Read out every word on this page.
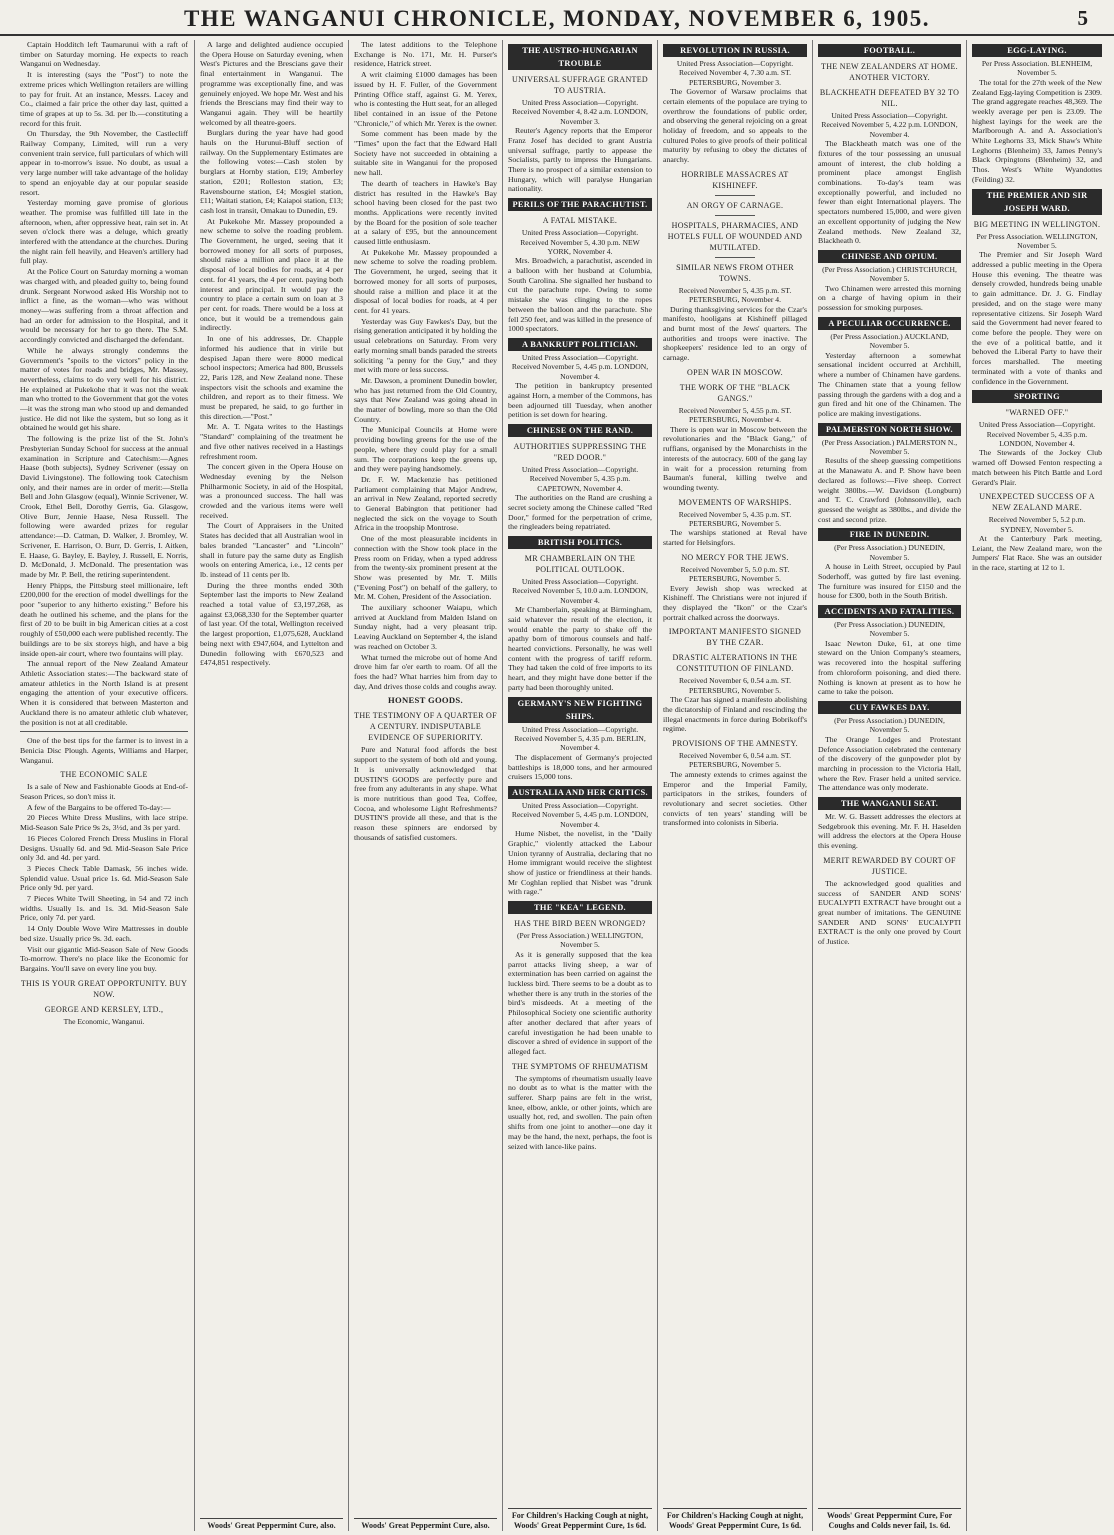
THE WANGANUI CHRONICLE, MONDAY, NOVEMBER 6, 1905.	5

Captain Hodditch left Taumarunui with a raft of timber on Saturday morning. He expects to reach Wanganui on Wednesday.

It is interesting (says the "Post") to note the extreme prices which Wellington retailers are willing to pay for fruit. At an instance, Messrs. Lacey and Co., claimed a fair price the other day last, quitted a time of grapes at up to 5s. 3d. per lb.—constituting a record for this fruit.

On Thursday, the 9th November, the Castlecliff Railway Company, Limited, will run a very convenient train service, full particulars of which will appear in to-morrow's issue. No doubt, as usual a very large number will take advantage of the holiday to spend an enjoyable day at our popular seaside resort.

Yesterday morning gave promise of glorious weather. The promise was fulfilled till late in the afternoon, when, after oppressive heat, rain set in. At seven o'clock there was a deluge, which greatly interfered with the attendance at the churches. During the night rain fell heavily, and Heaven's artillery had full play.

At the Police Court on Saturday morning a woman was charged with, and pleaded guilty to, being found drunk. Sergeant Norwood asked His Worship not to inflict a fine, as the woman—who was without money—was suffering from a throat affection and had an order for admission to the Hospital, and it would be necessary for her to go there. The S.M. accordingly convicted and discharged the defendant.

While he always strongly condemns the Government's "spoils to the victors" policy in the matter of votes for roads and bridges, Mr. Massey, nevertheless, claims to do very well for his district. He explained at Pukekohe that it was not the weak man who trotted to the Government that got the votes—it was the strong man who stood up and demanded justice. He did not like the system, but so long as it obtained he would get his share.

The following is the prize list of the St. John's Presbyterian Sunday School for success at the annual examination in Scripture and Catechism:—Agnes Haase (both subjects), Sydney Scrivener (essay on David Livingstone). The following took Catechism only, and their names are in order of merit:—Stella Bell and John Glasgow (equal), Winnie Scrivener, W. Crook, Ethel Bell, Dorothy Gerris, Ga. Glasgow, Olive Burr, Jennie Haase, Nesa Russell. The following were awarded prizes for regular attendance:—D. Catman, D. Walker, J. Bromley, W. Scrivener, E. Harrison, O. Burr, D. Gerris, I. Aitken, E. Haase, G. Bayley, E. Bayley, J. Russell, E. Norris, D. McDonald, J. McDonald. The presentation was made by Mr. P. Bell, the retiring superintendent.

Henry Phipps, the Pittsburg steel millionaire, left £200,000 for the erection of model dwellings for the poor "superior to any hitherto existing." Before his death he outlined his scheme, and the plans for the first of 20 to be built in big American cities at a cost roughly of £50,000 each were published recently. The buildings are to be six storeys high, and have a big inside open-air court, where two fountains will play.

The annual report of the New Zealand Amateur Athletic Association states:—The backward state of amateur athletics in the North Island is at present engaging the attention of your executive officers. When it is considered that between Masterton and Auckland there is no amateur athletic club whatever, the position is not at all creditable.

One of the best tips for the farmer is to invest in a Benicia Disc Plough. Agents, Williams and Harper, Wanganui.

THE ECONOMIC SALE

Is a sale of New and Fashionable Goods at End-of-Season Prices, so don't miss it.

A few of the Bargains to be offered To-day:—

20 Pieces White Dress Muslins, with lace stripe. Mid-Season Sale Price 9s 2s, 3½d, and 3s per yard.

16 Pieces Colored French Dress Muslins in Floral Designs. Usually 6d. and 9d. Mid-Season Sale Price only 3d. and 4d. per yard.

3 Pieces Check Table Damask, 56 inches wide. Splendid value. Usual price 1s. 6d. Mid-Season Sale Price only 9d. per yard.

7 Pieces White Twill Sheeting, in 54 and 72 inch widths. Usually 1s. and 1s. 3d. Mid-Season Sale Price, only 7d. per yard.

14 Only Double Wove Wire Mattresses in double bed size. Usually price 9s. 3d. each.

Visit our gigantic Mid-Season Sale of New Goods To-morrow. There's no place like the Economic for Bargains. You'll save on every line you buy.

THIS IS YOUR GREAT OPPORTUNITY. BUY NOW.
GEORGE AND KERSLEY, LTD.,
The Economic, Wanganui.

A large and delighted audience occupied the Opera House on Saturday evening, when West's Pictures and the Brescians gave their final entertainment in Wanganui. The programme was exceptionally fine, and was genuinely enjoyed. We hope Mr. West and his friends the Brescians may find their way to Wanganui again. They will be heartily welcomed by all theatre-goers.

Burglars during the year have had good hauls on the Hurunui-Bluff section of railway. On the Supplementary Estimates are the following votes:—Cash stolen by burglars at Hornby station, £19; Amberley station, £201; Rolleston station, £3; Ravensbourne station, £4; Mosgiel station, £11; Waitati station, £4; Kaiapoi station, £13; cash lost in transit, Omakau to Dunedin, £9.

At Pukekohe Mr. Massey propounded a new scheme to solve the roading problem. The Government, he urged, seeing that it borrowed money for all sorts of purposes, should raise a million and place it at the disposal of local bodies for roads, at 4 per cent. for 41 years, the 4 per cent. paying both interest and principal. It would pay the country to place a certain sum on loan at 3 per cent. for roads. There would be a loss at once, but it would be a tremendous gain indirectly.

In one of his addresses, Dr. Chapple informed his audience that in virile but despised Japan there were 8000 medical school inspectors; America had 800, Brussels 22, Paris 128, and New Zealand none. These inspectors visit the schools and examine the children, and report as to their fitness. We must be prepared, he said, to go further in this direction.—"Post."

Mr. A. T. Ngata writes to the Hastings "Standard" complaining of the treatment he and five other natives received in a Hastings refreshment room.

The concert given in the Opera House on Wednesday evening by the Nelson Philharmonic Society, in aid of the Hospital, was a pronounced success. The hall was crowded and the various items were well received.

The Court of Appraisers in the United States has decided that all Australian wool in bales branded "Lancaster" and "Lincoln" shall in future pay the same duty as English wools on entering America, i.e., 12 cents per lb. instead of 11 cents per lb.

During the three months ended 30th September last the imports to New Zealand reached a total value of £3,197,268, as against £3,068,330 for the September quarter of last year. Of the total, Wellington received the largest proportion, £1,075,628, Auckland being next with £947,604, and Lyttelton and Dunedin following with £670,523 and £474,851 respectively.

Woods' Great Peppermint Cure, also.

The latest additions to the Telephone Exchange is No. 171, Mr. H. Purser's residence, Hatrick street.

A writ claiming £1000 damages has been issued by H. F. Fuller, of the Government Printing Office staff, against G. M. Yerex, who is contesting the Hutt seat, for an alleged libel contained in an issue of the Petone "Chronicle," of which Mr. Yerex is the owner.

Some comment has been made by the "Times" upon the fact that the Edward Hall Society have not succeeded in obtaining a suitable site in Wanganui for the proposed new hall.

The dearth of teachers in Hawke's Bay district has resulted in the Hawke's Bay school having been closed for the past two months. Applications were recently invited by the Board for the position of sole teacher at a salary of £95, but the announcement caused little enthusiasm.

At Pukekohe Mr. Massey propounded a new scheme to solve the roading problem. The Government, he urged, seeing that it borrowed money for all sorts of purposes, should raise a million and place it at the disposal of local bodies for roads, at 4 per cent. for 41 years.

Yesterday was Guy Fawkes's Day, but the rising generation anticipated it by holding the usual celebrations on Saturday. From very early morning small bands paraded the streets soliciting "a penny for the Guy," and they met with more or less success.

Mr. Dawson, a prominent Dunedin bowler, who has just returned from the Old Country, says that New Zealand was going ahead in the matter of bowling, more so than the Old Country.

The Municipal Councils at Home were providing bowling greens for the use of the people, where they could play for a small sum. The corporations keep the greens up, and they were paying handsomely.

Dr. F. W. Mackenzie has petitioned Parliament complaining that Major Andrew, an arrival in New Zealand, reported secretly to General Babington that petitioner had neglected the sick on the voyage to South Africa in the troopship Montrose.

One of the most pleasurable incidents in connection with the Show took place in the Press room on Friday, when a typed address from the twenty-six prominent present at the Show was presented by Mr. T. Mills ("Evening Post") on behalf of the gallery, to Mr. M. Cohen, President of the Association.

The auxiliary schooner Waiapu, which arrived at Auckland from Malden Island on Sunday night, had a very pleasant trip. Leaving Auckland on September 4, the island was reached on October 3.

What turned the microbe out of home And drove him far o'er earth to roam. Of all the foes the had? What harries him from day to day, And drives those colds and coughs away.

HONEST GOODS.
THE TESTIMONY OF A QUARTER OF A CENTURY. INDISPUTABLE EVIDENCE OF SUPERIORITY.

Pure and Natural food affords the best support to the system of both old and young. It is universally acknowledged that DUSTIN'S GOODS are perfectly pure and free from any adulterants in any shape. What is more nutritious than good Tea, Coffee, Cocoa, and wholesome Light Refreshments? DUSTIN'S provide all these, and that is the reason these spinners are endorsed by thousands of satisfied customers.

Woods' Great Peppermint Cure, also.
THE AUSTRO-HUNGARIAN TROUBLE
UNIVERSAL SUFFRAGE GRANTED TO AUSTRIA.
United Press Association—Copyright. Received November 4, 8.42 a.m. LONDON, November 3.

Reuter's Agency reports that the Emperor Franz Josef has decided to grant Austria universal suffrage, partly to appease the Socialists, partly to impress the Hungarians. There is no prospect of a similar extension to Hungary, which will paralyse Hungarian nationality.

PERILS OF THE PARACHUTIST.
A FATAL MISTAKE.
United Press Association—Copyright. Received November 5, 4.30 p.m. NEW YORK, November 4.

Mrs. Broadwich, a parachutist, ascended in a balloon with her husband at Columbia, South Carolina. She signalled her husband to cut the parachute rope. Owing to some mistake she was clinging to the ropes between the balloon and the parachute. She fell 250 feet, and was killed in the presence of 1000 spectators.

A BANKRUPT POLITICIAN.
United Press Association—Copyright. Received November 5, 4.45 p.m. LONDON, November 4.

The petition in bankruptcy presented against Horn, a member of the Commons, has been adjourned till Tuesday, when another petition is set down for hearing.

CHINESE ON THE RAND.
AUTHORITIES SUPPRESSING THE "RED DOOR."
United Press Association—Copyright. Received November 5, 4.35 p.m. CAPETOWN, November 4.

The authorities on the Rand are crushing a secret society among the Chinese called "Red Door," formed for the perpetration of crime, the ringleaders being repatriated.

BRITISH POLITICS.
MR CHAMBERLAIN ON THE POLITICAL OUTLOOK.
United Press Association—Copyright. Received November 5, 10.0 a.m. LONDON, November 4.

Mr Chamberlain, speaking at Birmingham, said whatever the result of the election, it would enable the party to shake off the apathy born of timorous counsels and half-hearted convictions. Personally, he was well content with the progress of tariff reform. They had taken the cold of free imports to its heart, and they might have done better if the party had been thoroughly united.

GERMANY'S NEW FIGHTING SHIPS.
United Press Association—Copyright. Received November 5, 4.35 p.m. BERLIN, November 4.

The displacement of Germany's projected battleships is 18,000 tons, and her armoured cruisers 15,000 tons.

AUSTRALIA AND HER CRITICS.
United Press Association—Copyright. Received November 5, 4.45 p.m. LONDON, November 4.

Hume Nisbet, the novelist, in the "Daily Graphic," violently attacked the Labour Union tyranny of Australia, declaring that no Home immigrant would receive the slightest show of justice or friendliness at their hands. Mr Coghlan replied that Nisbet was "drunk with rage."

THE "KEA" LEGEND.
HAS THE BIRD BEEN WRONGED?
(Per Press Association.) WELLINGTON, November 5.

As it is generally supposed that the kea parrot attacks living sheep, a war of extermination has been carried on against the luckless bird. There seems to be a doubt as to whether there is any truth in the stories of the bird's misdeeds. At a meeting of the Philosophical Society one scientific authority after another declared that after years of careful investigation he had been unable to discover a shred of evidence in support of the alleged fact.

THE SYMPTOMS OF RHEUMATISM

The symptoms of rheumatism usually leave no doubt as to what is the matter with the sufferer. Sharp pains are felt in the wrist, knee, elbow, ankle, or other joints, which are usually hot, red, and swollen. The pain often shifts from one joint to another—one day it may be the hand, the next, perhaps, the foot is seized with lance-like pains.

For Children's Hacking Cough at night, Woods' Great Peppermint Cure, 1s 6d.
REVOLUTION IN RUSSIA.
United Press Association—Copyright. Received November 4, 7.30 a.m. ST. PETERSBURG, November 3.

The Governor of Warsaw proclaims that certain elements of the populace are trying to overthrow the foundations of public order, and observing the general rejoicing on a great holiday of freedom, and so appeals to the cultured Poles to give proofs of their political maturity by refusing to obey the dictates of anarchy.

HORRIBLE MASSACRES AT KISHINEFF.
AN ORGY OF CARNAGE.
HOSPITALS, PHARMACIES, AND HOTELS FULL OF WOUNDED AND MUTILATED.
SIMILAR NEWS FROM OTHER TOWNS.
Received November 5, 4.35 p.m. ST. PETERSBURG, November 4.

During thanksgiving services for the Czar's manifesto, hooligans at Kishineff pillaged and burnt most of the Jews' quarters. The authorities and troops were inactive. The shopkeepers' residence led to an orgy of carnage.

OPEN WAR IN MOSCOW.
THE WORK OF THE "BLACK GANGS."
Received November 5, 4.55 p.m. ST. PETERSBURG, November 4.

There is open war in Moscow between the revolutionaries and the "Black Gang," of ruffians, organised by the Monarchists in the interests of the autocracy. 600 of the gang lay in wait for a procession returning from Bauman's funeral, killing twelve and wounding twenty.

MOVEMENTS OF WARSHIPS.
Received November 5, 4.35 p.m. ST. PETERSBURG, November 5.

The warships stationed at Reval have started for Helsingfors.

NO MERCY FOR THE JEWS.
Received November 5, 5.0 p.m. ST. PETERSBURG, November 5.

Every Jewish shop was wrecked at Kishineff. The Christians were not injured if they displayed the "Ikon" or the Czar's portrait chalked across the doorways.

IMPORTANT MANIFESTO SIGNED BY THE CZAR.
DRASTIC ALTERATIONS IN THE CONSTITUTION OF FINLAND.
Received November 6, 0.54 a.m. ST. PETERSBURG, November 5.

The Czar has signed a manifesto abolishing the dictatorship of Finland and rescinding the illegal enactments in force during Bobrikoff's regime.

PROVISIONS OF THE AMNESTY.
Received November 6, 0.54 a.m. ST. PETERSBURG, November 5.

The amnesty extends to crimes against the Emperor and the Imperial Family, participators in the strikes, founders of revolutionary and secret societies. Other convicts of ten years' standing will be transformed into colonists in Siberia.

For Children's Hacking Cough at night, Woods' Great Peppermint Cure, 1s 6d.
FOOTBALL.
THE NEW ZEALANDERS AT HOME. ANOTHER VICTORY.
BLACKHEATH DEFEATED BY 32 TO NIL.
United Press Association—Copyright. Received November 5, 4.22 p.m. LONDON, November 4.

The Blackheath match was one of the fixtures of the tour possessing an unusual amount of interest, the club holding a prominent place amongst English combinations. To-day's team was exceptionally powerful, and included no fewer than eight International players. The spectators numbered 15,000, and were given an excellent opportunity of judging the New Zealand methods. New Zealand 32, Blackheath 0.

CHINESE AND OPIUM.
(Per Press Association.) CHRISTCHURCH, November 5.

Two Chinamen were arrested this morning on a charge of having opium in their possession for smoking purposes.

A PECULIAR OCCURRENCE.
(Per Press Association.) AUCKLAND, November 5.

Yesterday afternoon a somewhat sensational incident occurred at Archhill, where a number of Chinamen have gardens. The Chinamen state that a young fellow passing through the gardens with a dog and a gun fired and hit one of the Chinamen. The police are making investigations.

PALMERSTON NORTH SHOW.
(Per Press Association.) PALMERSTON N., November 5.

Results of the sheep guessing competitions at the Manawatu A. and P. Show have been declared as follows:—Five sheep. Correct weight 380lbs.—W. Davidson (Longburn) and T. C. Crawford (Johnsonville), each guessed the weight as 380lbs., and divide the cost and second prize.

FIRE IN DUNEDIN.
(Per Press Association.) DUNEDIN, November 5.

A house in Leith Street, occupied by Paul Soderhoff, was gutted by fire last evening. The furniture was insured for £150 and the house for £300, both in the South British.

ACCIDENTS AND FATALITIES.
(Per Press Association.) DUNEDIN, November 5.

Isaac Newton Duke, 61, at one time steward on the Union Company's steamers, was recovered into the hospital suffering from chloroform poisoning, and died there. Nothing is known at present as to how he came to take the poison.

CUY FAWKES DAY.
(Per Press Association.) DUNEDIN, November 5.

The Orange Lodges and Protestant Defence Association celebrated the centenary of the discovery of the gunpowder plot by marching in procession to the Victoria Hall, where the Rev. Fraser held a united service. The attendance was only moderate.

THE WANGANUI SEAT.

Mr. W. G. Bassett addresses the electors at Sedgebrook this evening. Mr. F. H. Haselden will address the electors at the Opera House this evening.

MERIT REWARDED BY COURT OF JUSTICE.

The acknowledged good qualities and success of SANDER AND SONS' EUCALYPTI EXTRACT have brought out a great number of imitations. The GENUINE SANDER AND SONS' EUCALYPTI EXTRACT is the only one proved by Court of Justice.

Woods' Great Peppermint Cure, For Coughs and Colds never fail, 1s. 6d.
EGG-LAYING.
Per Press Association. BLENHEIM, November 5.

The total for the 27th week of the New Zealand Egg-laying Competition is 2309. The grand aggregate reaches 48,369. The weekly average per pen is 23.09. The highest layings for the week are the Marlborough A. and A. Association's White Leghorns 33, Mick Shaw's White Leghorns (Blenheim) 33, James Penny's Black Orpingtons (Blenheim) 32, and Thos. West's White Wyandottes (Feilding) 32.

THE PREMIER AND SIR JOSEPH WARD.
BIG MEETING IN WELLINGTON.
Per Press Association. WELLINGTON, November 5.

The Premier and Sir Joseph Ward addressed a public meeting in the Opera House this evening. The theatre was densely crowded, hundreds being unable to gain admittance. Dr. J. G. Findlay presided, and on the stage were many representative citizens. Sir Joseph Ward said the Government had never feared to come before the people. They were on the eve of a political battle, and it behoved the Liberal Party to have their forces marshalled. The meeting terminated with a vote of thanks and confidence in the Government.

SPORTING
"WARNED OFF."
United Press Association—Copyright. Received November 5, 4.35 p.m. LONDON, November 4.

The Stewards of the Jockey Club warned off Dowsed Fenton respecting a match between his Pitch Battle and Lord Gerard's Plair.

UNEXPECTED SUCCESS OF A NEW ZEALAND MARE.
Received November 5, 5.2 p.m. SYDNEY, November 5.

At the Canterbury Park meeting, Leiant, the New Zealand mare, won the Jumpers' Flat Race. She was an outsider in the race, starting at 12 to 1.
